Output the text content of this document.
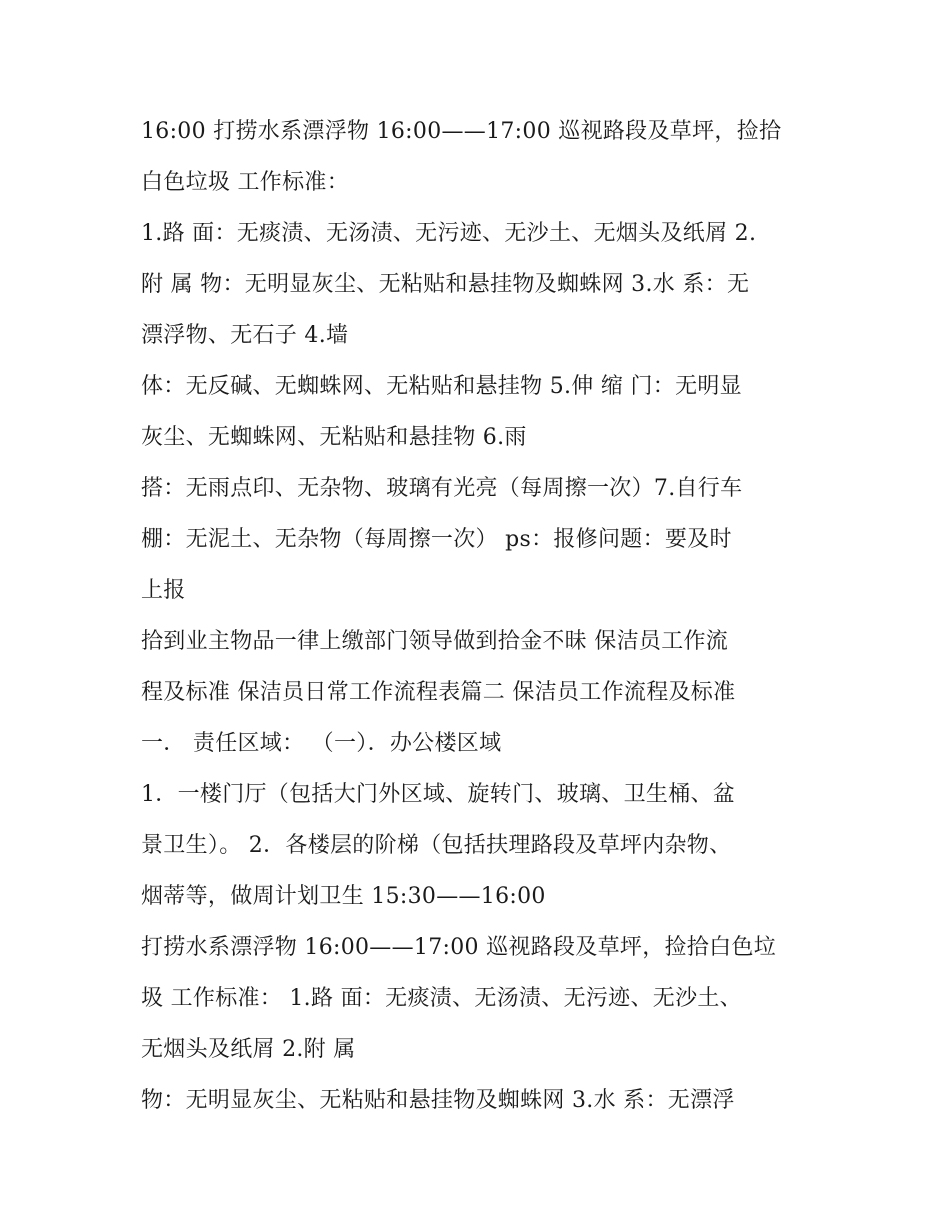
16:00 打捞水系漂浮物 16:00——17:00 巡视路段及草坪，捡拾
白色垃圾 工作标准：
1.路 面：无痰渍、无汤渍、无污迹、无沙土、无烟头及纸屑 2.
附 属 物：无明显灰尘、无粘贴和悬挂物及蜘蛛网 3.水 系：无
漂浮物、无石子 4.墙
体：无反碱、无蜘蛛网、无粘贴和悬挂物 5.伸 缩 门：无明显
灰尘、无蜘蛛网、无粘贴和悬挂物 6.雨
搭：无雨点印、无杂物、玻璃有光亮（每周擦一次）7.自行车
棚：无泥土、无杂物（每周擦一次） ps：报修问题：要及时
上报
拾到业主物品一律上缴部门领导做到拾金不昧 保洁员工作流
程及标准 保洁员日常工作流程表篇二 保洁员工作流程及标准
一． 责任区域： （一）．办公楼区域
1．一楼门厅（包括大门外区域、旋转门、玻璃、卫生桶、盆
景卫生）。 2．各楼层的阶梯（包括扶理路段及草坪内杂物、
烟蒂等，做周计划卫生 15:30——16:00
打捞水系漂浮物 16:00——17:00 巡视路段及草坪，捡拾白色垃
圾 工作标准： 1.路 面：无痰渍、无汤渍、无污迹、无沙土、
无烟头及纸屑 2.附 属
物：无明显灰尘、无粘贴和悬挂物及蜘蛛网 3.水 系：无漂浮
